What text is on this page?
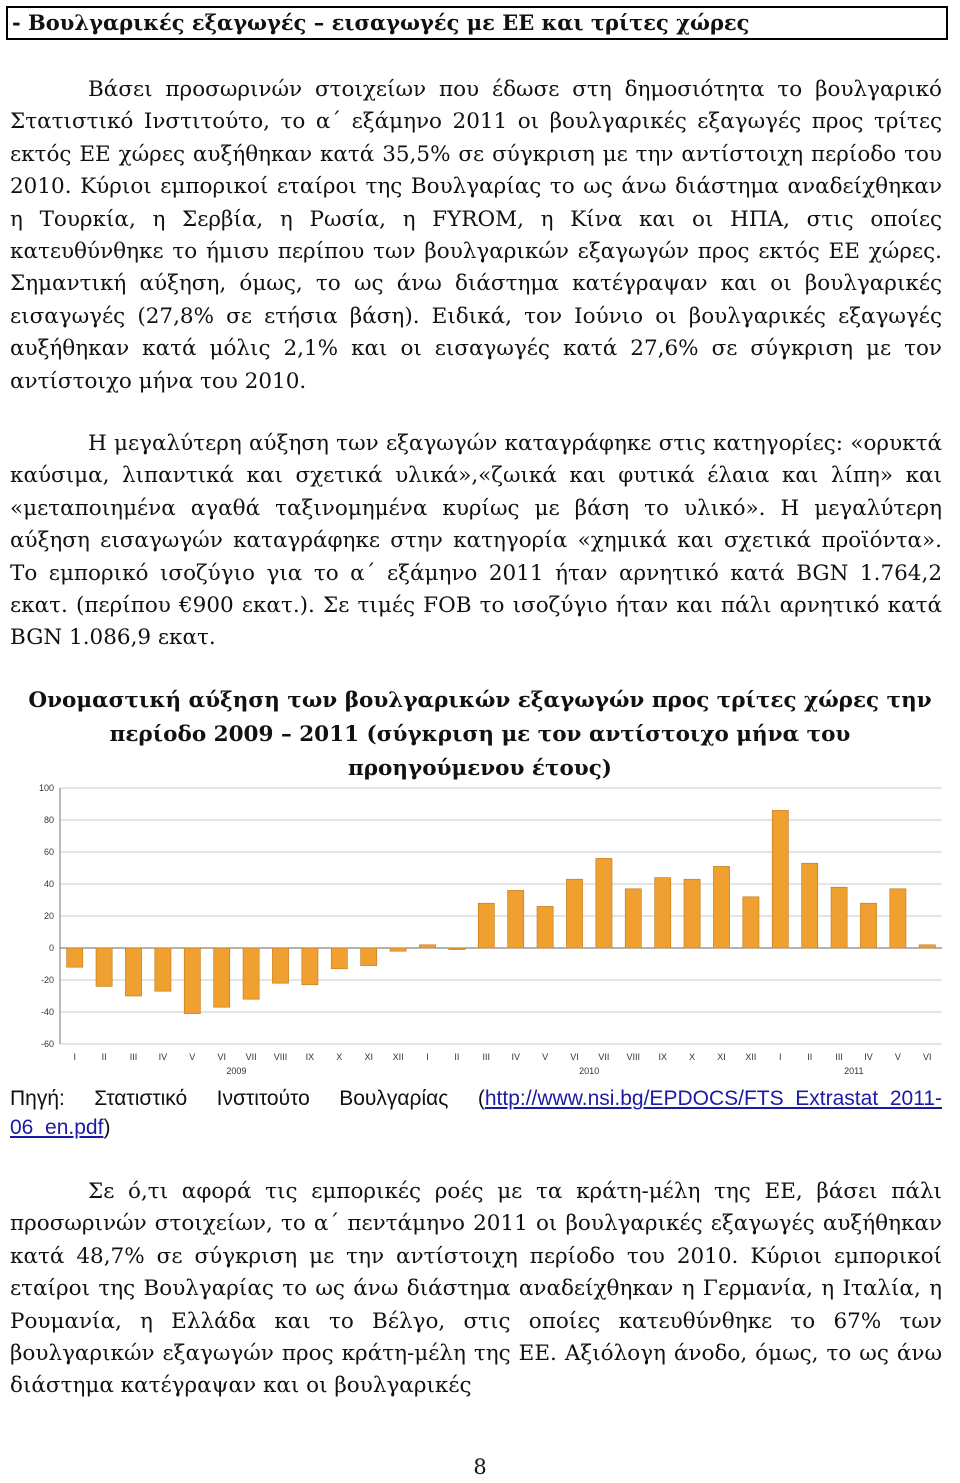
- Βουλγαρικές εξαγωγές – εισαγωγές με ΕΕ και τρίτες χώρες

Βάσει προσωρινών στοιχείων που έδωσε στη δημοσιότητα το βουλγαρικό Στατιστικό Ινστιτούτο, το α΄ εξάμηνο 2011 οι βουλγαρικές εξαγωγές προς τρίτες εκτός ΕΕ χώρες αυξήθηκαν κατά 35,5% σε σύγκριση με την αντίστοιχη περίοδο του 2010. Κύριοι εμπορικοί εταίροι της Βουλγαρίας το ως άνω διάστημα αναδείχθηκαν η Τουρκία, η Σερβία, η Ρωσία, η FYROM, η Κίνα και οι ΗΠΑ, στις οποίες κατευθύνθηκε το ήμισυ περίπου των βουλγαρικών εξαγωγών προς εκτός ΕΕ χώρες. Σημαντική αύξηση, όμως, το ως άνω διάστημα κατέγραψαν και οι βουλγαρικές εισαγωγές (27,8% σε ετήσια βάση). Ειδικά, τον Ιούνιο οι βουλγαρικές εξαγωγές αυξήθηκαν κατά μόλις 2,1% και οι εισαγωγές κατά 27,6% σε σύγκριση με τον αντίστοιχο μήνα του 2010.

Η μεγαλύτερη αύξηση των εξαγωγών καταγράφηκε στις κατηγορίες: «ορυκτά καύσιμα, λιπαντικά και σχετικά υλικά»,«ζωικά και φυτικά έλαια και λίπη» και «μεταποιημένα αγαθά ταξινομημένα κυρίως με βάση το υλικό». Η μεγαλύτερη αύξηση εισαγωγών καταγράφηκε στην κατηγορία «χημικά και σχετικά προϊόντα». Το εμπορικό ισοζύγιο για το α΄ εξάμηνο 2011 ήταν αρνητικό κατά BGN 1.764,2 εκατ. (περίπου €900 εκατ.). Σε τιμές FOB το ισοζύγιο ήταν και πάλι αρνητικό κατά BGN 1.086,9 εκατ.

Ονομαστική αύξηση των βουλγαρικών εξαγωγών προς τρίτες χώρες την περίοδο 2009 – 2011 (σύγκριση με τον αντίστοιχο μήνα του προηγούμενου έτους)
100
80
60
40
20
0
-20
-40
-60
I	II	III IV V VI VII VIII IX X XI XII	I	II	III IV V VI VII VIII IX X XI XII	I	II	III IV V VI
2009	2010	2011
Πηγή: Στατιστικό Ινστιτούτο Βουλγαρίας (http://www.nsi.bg/EPDOCS/FTS_Extrastat_2011-06_en.pdf)

Σε ό,τι αφορά τις εμπορικές ροές με τα κράτη-μέλη της ΕΕ, βάσει πάλι προσωρινών στοιχείων, το α΄ πεντάμηνο 2011 οι βουλγαρικές εξαγωγές αυξήθηκαν κατά 48,7% σε σύγκριση με την αντίστοιχη περίοδο του 2010. Κύριοι εμπορικοί εταίροι της Βουλγαρίας το ως άνω διάστημα αναδείχθηκαν η Γερμανία, η Ιταλία, η Ρουμανία, η Ελλάδα και το Βέλγο, στις οποίες κατευθύνθηκε το 67% των βουλγαρικών εξαγωγών προς κράτη-μέλη της ΕΕ. Αξιόλογη άνοδο, όμως, το ως άνω διάστημα κατέγραψαν και οι βουλγαρικές

8
